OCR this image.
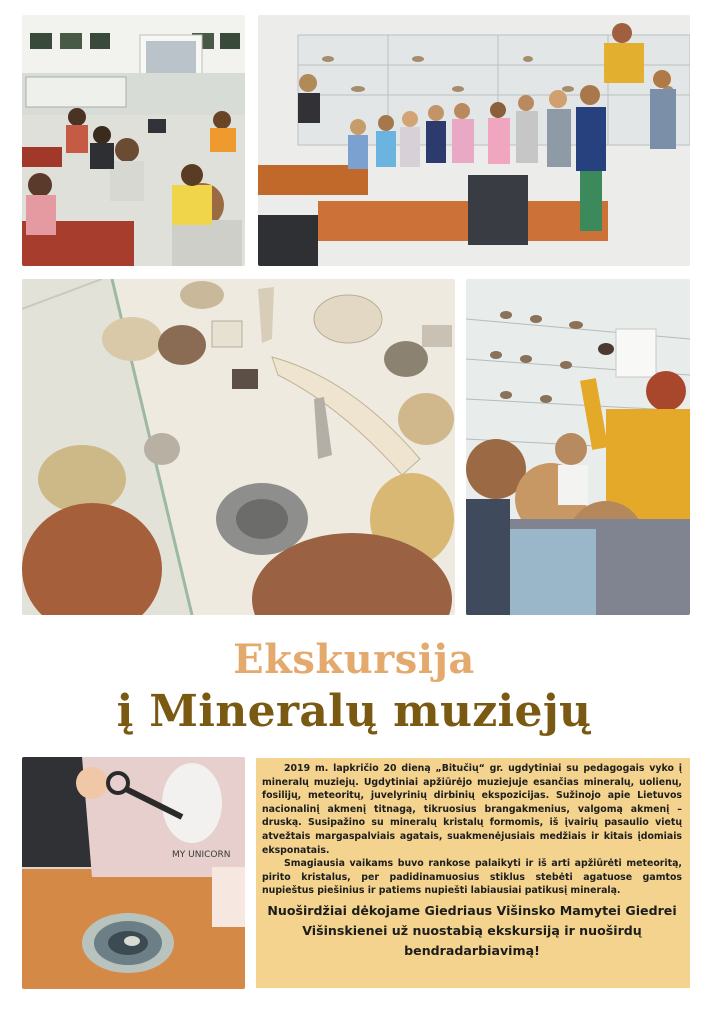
MY UNICORN
Ekskursija
į Mineralų muziejų

2019 m. lapkričio 20 dieną „Bitučių“ gr. ugdytiniai su pedagogais vyko į mineralų muziejų. Ugdytiniai apžiūrėjo muziejuje esančias mineralų, uolienų, fosilijų, meteoritų, juvelyrinių dirbinių ekspozicijas. Sužinojo apie Lietuvos nacionalinį akmenį titnagą, tikruosius brangakmenius, valgomą akmenį – druską. Susipažino su mineralų kristalų formomis, iš įvairių pasaulio vietų atvežtais margaspalviais agatais, suakmenėjusiais medžiais ir kitais įdomiais eksponatais.

Smagiausia vaikams buvo rankose palaikyti ir iš arti apžiūrėti meteoritą, pirito kristalus, per padidinamuosius stiklus stebėti agatuose gamtos nupieštus piešinius ir patiems nupiešti labiausiai patikusį mineralą.

Nuoširdžiai dėkojame Giedriaus Višinsko Mamytei Giedrei Višinskienei už nuostabią ekskursiją ir nuoširdų bendradarbiavimą!
